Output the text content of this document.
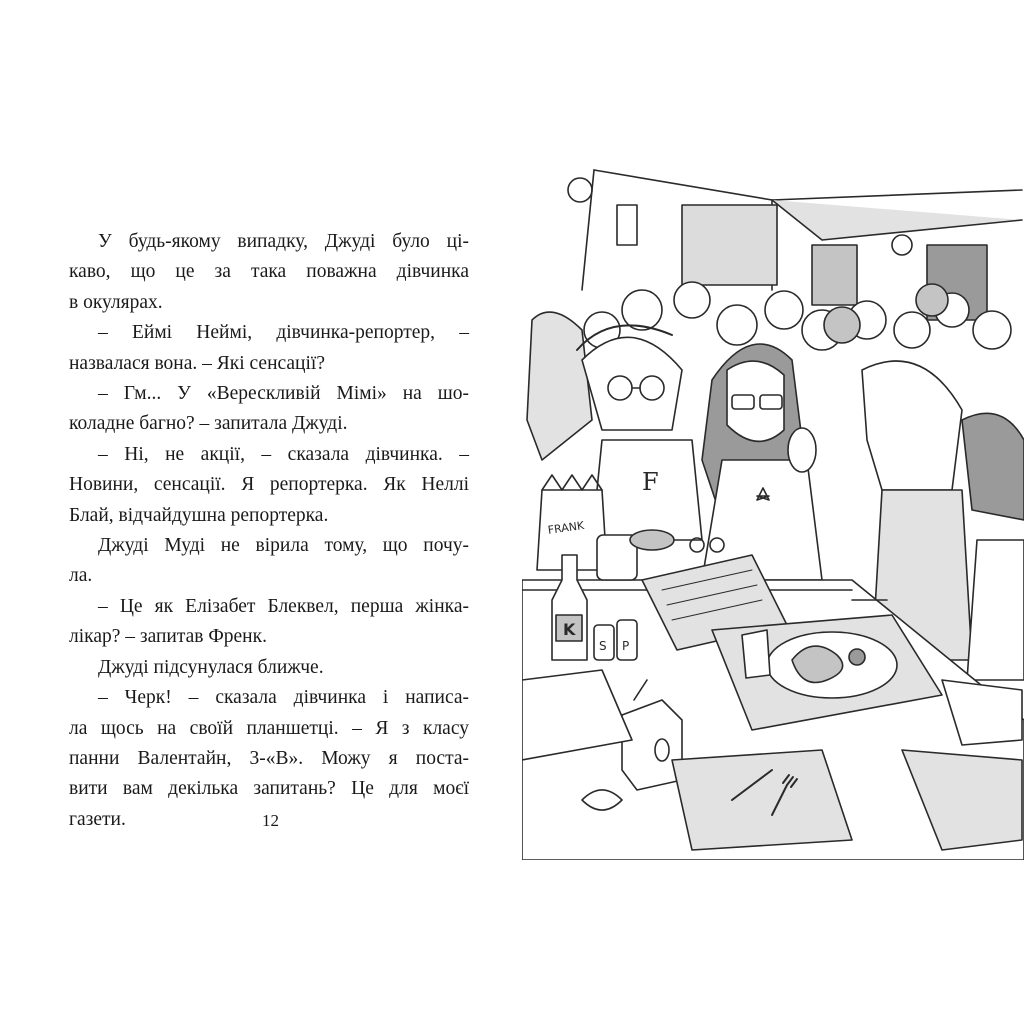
У будь-якому випадку, Джуді було ці-
каво, що це за така поважна дівчинка
в окулярах.
– Еймі Неймі, дівчинка-репортер, –
назвалася вона. – Які сенсації?
– Гм... У «Верескливій Мімі» на шо-
коладне багно? – запитала Джуді.
– Ні, не акції, – сказала дівчинка. –
Новини, сенсації. Я репортерка. Як Неллі
Блай, відчайдушна репортерка.
Джуді Муді не вірила тому, що почу-
ла.
– Це як Елізабет Блеквел, перша жінка-
лікар? – запитав Френк.
Джуді підсунулася ближче.
– Черк! – сказала дівчинка і написа-
ла щось на своїй планшетці. – Я з класу
панни Валентайн, 3-«В». Можу я поста-
вити вам декілька запитань? Це для моєї
газети.	12
F
FRANK
K
S P
